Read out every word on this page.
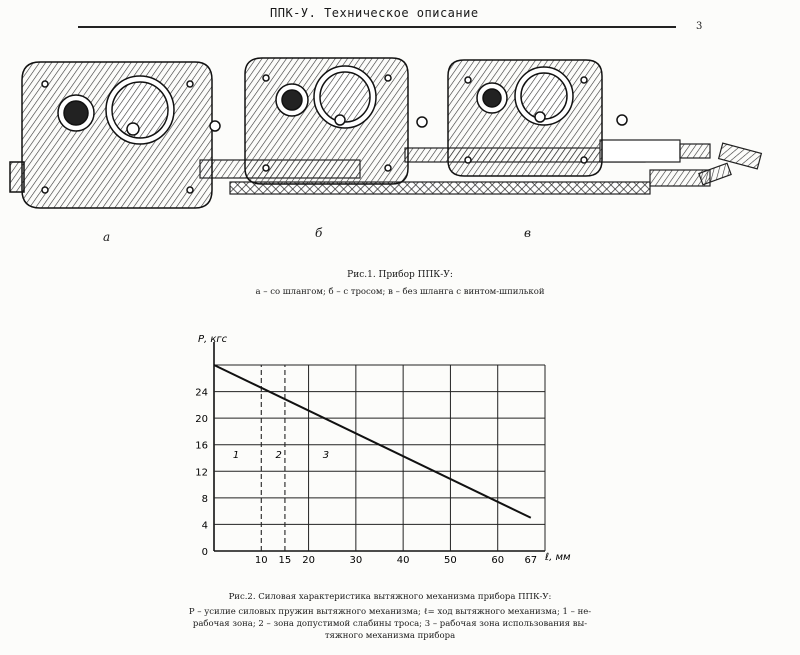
ППК-У. Техническое описание
3
а	б	в
Рис.1. Прибор ППК-У:
а – со шлангом; б – с тросом; в – без шланга с винтом-шпилькой
1	2	3
10 15 20	30	40	50	60 67
0
4
8
12
16
20
24
Р, кгс
ℓ, мм
Рис.2. Силовая характеристика вытяжного механизма прибора ППК-У:
Р – усилие силовых пружин вытяжного механизма; ℓ= ход вытяжного механизма; 1 – не-
рабочая зона; 2 – зона допустимой слабины троса; 3 – рабочая зона использования вы-
тяжного механизма прибора
